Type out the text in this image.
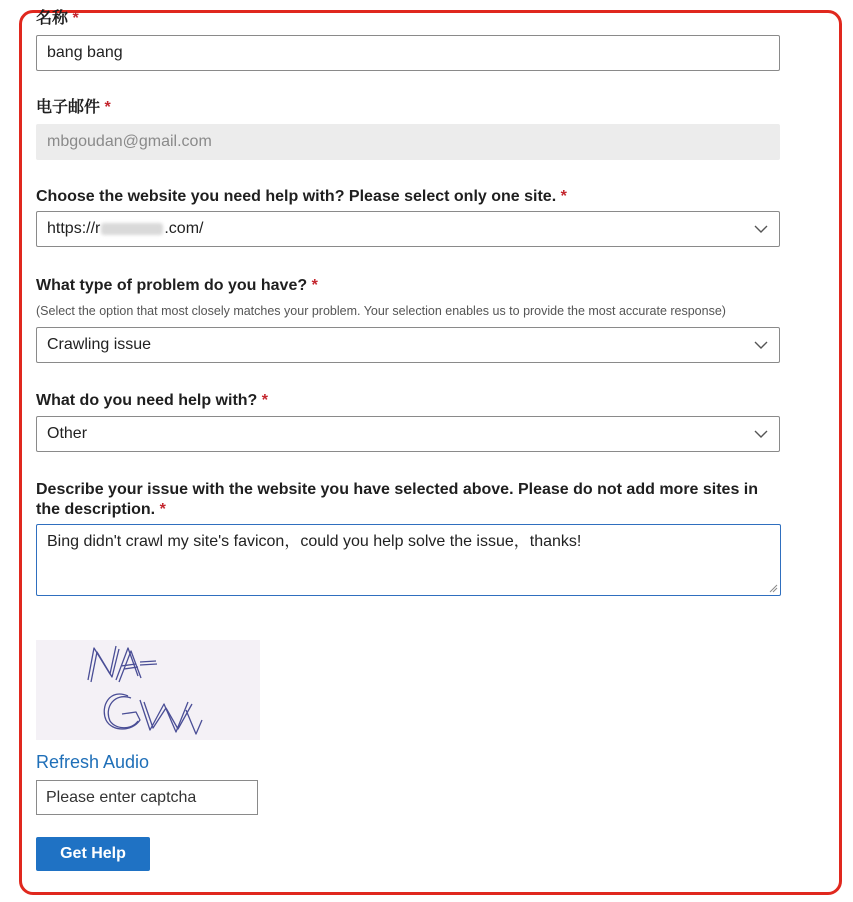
名称 *
bang bang
电子邮件 *
mbgoudan@gmail.com
Choose the website you need help with? Please select only one site. *
https://r	.com/
What type of problem do you have? *
(Select the option that most closely matches your problem. Your selection enables us to provide the most accurate response)
Crawling issue
What do you need help with? *
Other
Describe your issue with the website you have selected above. Please do not add more sites in the description. *
Bing didn't crawl my site's favicon，could you help solve the issue，thanks!
Refresh Audio
Please enter captcha
Get Help
